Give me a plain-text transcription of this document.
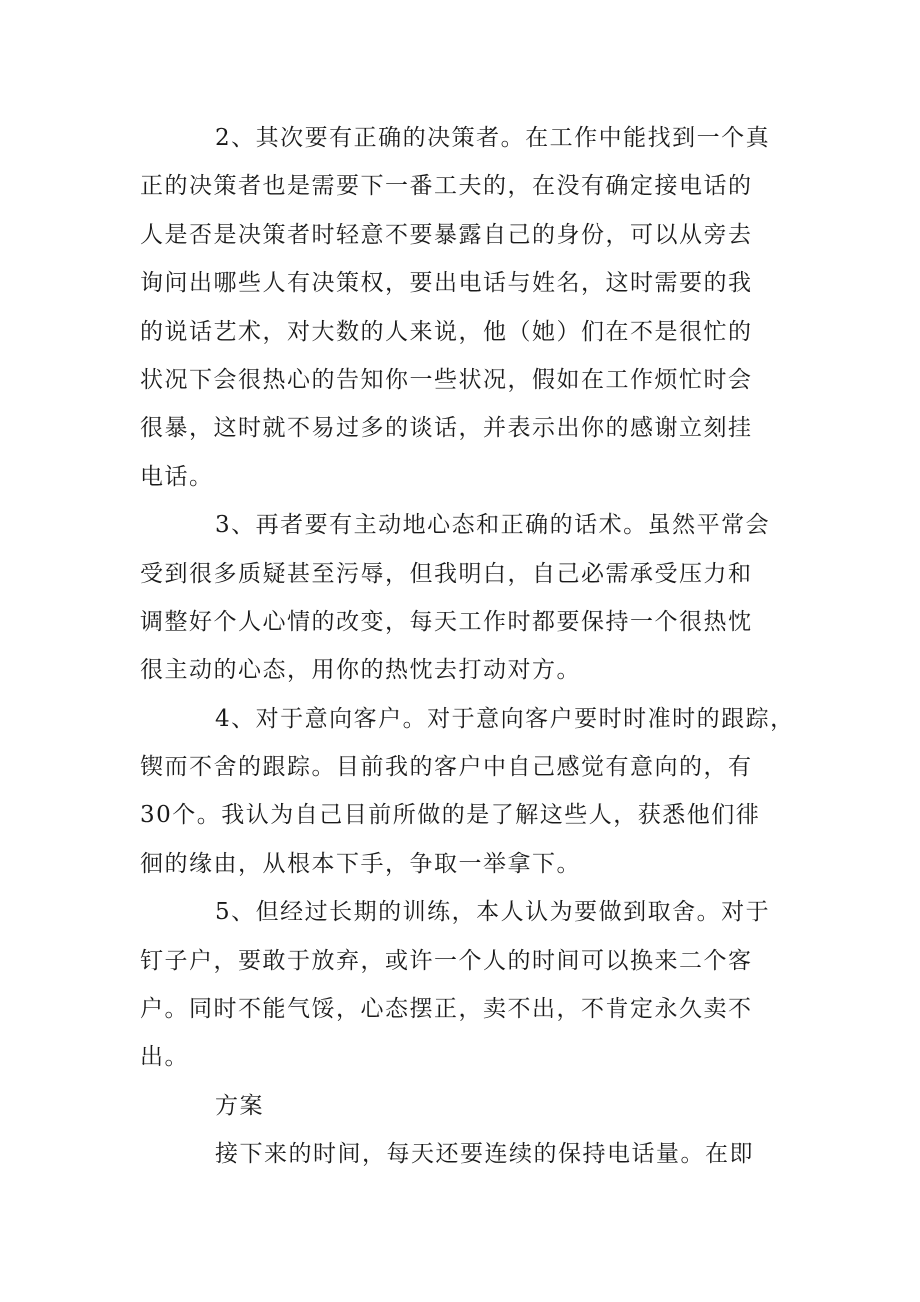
2、其次要有正确的决策者。在工作中能找到一个真
正的决策者也是需要下一番工夫的，在没有确定接电话的
人是否是决策者时轻意不要暴露自己的身份，可以从旁去
询问出哪些人有决策权，要出电话与姓名，这时需要的我
的说话艺术，对大数的人来说，他（她）们在不是很忙的
状况下会很热心的告知你一些状况，假如在工作烦忙时会
很暴，这时就不易过多的谈话，并表示出你的感谢立刻挂
电话。
3、再者要有主动地心态和正确的话术。虽然平常会
受到很多质疑甚至污辱，但我明白，自己必需承受压力和
调整好个人心情的改变，每天工作时都要保持一个很热忱
很主动的心态，用你的热忱去打动对方。
4、对于意向客户。对于意向客户要时时准时的跟踪，
锲而不舍的跟踪。目前我的客户中自己感觉有意向的，有
30个。我认为自己目前所做的是了解这些人，获悉他们徘
徊的缘由，从根本下手，争取一举拿下。
5、但经过长期的训练，本人认为要做到取舍。对于
钉子户，要敢于放弃，或许一个人的时间可以换来二个客
户。同时不能气馁，心态摆正，卖不出，不肯定永久卖不
出。
方案
接下来的时间，每天还要连续的保持电话量。在即
